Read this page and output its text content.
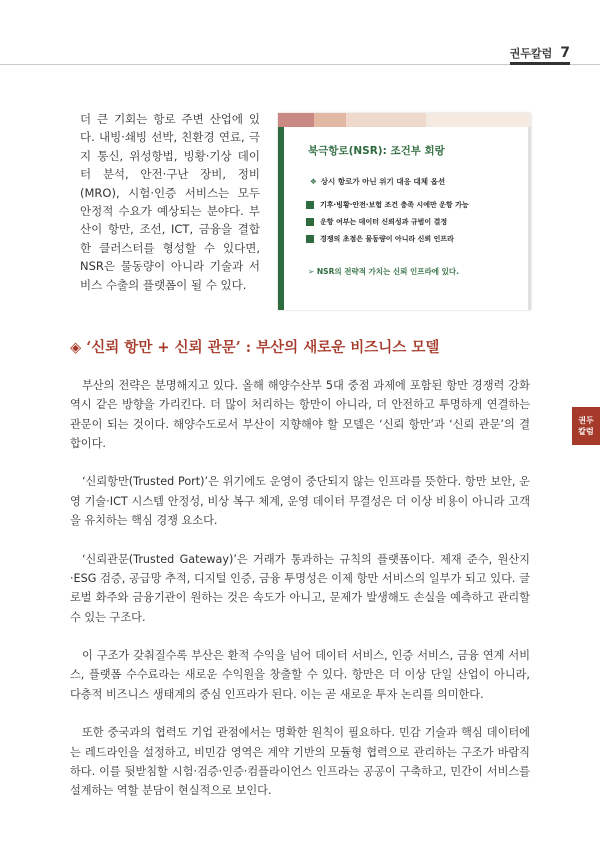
권두칼럼 7

더 큰 기회는 항로 주변 산업에 있다. 내빙·쇄빙 선박, 친환경 연료, 극지 통신, 위성항법, 빙황·기상 데이터 분석, 안전·구난 장비, 정비(MRO), 시험·인증 서비스는 모두 안정적 수요가 예상되는 분야다. 부산이 항만, 조선, ICT, 금융을 결합한 클러스터를 형성할 수 있다면, NSR은 물동량이 아니라 기술과 서비스 수출의 플랫폼이 될 수 있다.

북극항로(NSR): 조건부 회랑
❖ 상시 항로가 아닌 위기 대응 대체 옵션
기후·빙황·안전·보험 조건 충족 시에만 운항 가능
운항 여부는 데이터 신뢰성과 규범이 결정
경쟁의 초점은 물동량이 아니라 신뢰 인프라
➢ NSR의 전략적 가치는 신뢰 인프라에 있다.
◈ ‘신뢰 항만 + 신뢰 관문’ : 부산의 새로운 비즈니스 모델

부산의 전략은 분명해지고 있다. 올해 해양수산부 5대 중점 과제에 포함된 항만 경쟁력 강화 역시 같은 방향을 가리킨다. 더 많이 처리하는 항만이 아니라, 더 안전하고 투명하게 연결하는 관문이 되는 것이다. 해양수도로서 부산이 지향해야 할 모델은 ‘신뢰 항만’과 ‘신뢰 관문’의 결합이다.

‘신뢰항만(Trusted Port)’은 위기에도 운영이 중단되지 않는 인프라를 뜻한다. 항만 보안, 운영 기술·ICT 시스템 안정성, 비상 복구 체계, 운영 데이터 무결성은 더 이상 비용이 아니라 고객을 유치하는 핵심 경쟁 요소다.

‘신뢰관문(Trusted Gateway)’은 거래가 통과하는 규칙의 플랫폼이다. 제재 준수, 원산지·ESG 검증, 공급망 추적, 디지털 인증, 금융 투명성은 이제 항만 서비스의 일부가 되고 있다. 글로벌 화주와 금융기관이 원하는 것은 속도가 아니고, 문제가 발생해도 손실을 예측하고 관리할 수 있는 구조다.

이 구조가 갖춰질수록 부산은 환적 수익을 넘어 데이터 서비스, 인증 서비스, 금융 연계 서비스, 플랫폼 수수료라는 새로운 수익원을 창출할 수 있다. 항만은 더 이상 단일 산업이 아니라, 다층적 비즈니스 생태계의 중심 인프라가 된다. 이는 곧 새로운 투자 논리를 의미한다.

또한 중국과의 협력도 기업 관점에서는 명확한 원칙이 필요하다. 민감 기술과 핵심 데이터에는 레드라인을 설정하고, 비민감 영역은 계약 기반의 모듈형 협력으로 관리하는 구조가 바람직하다. 이를 뒷받침할 시험·검증·인증·컴플라이언스 인프라는 공공이 구축하고, 민간이 서비스를 설계하는 역할 분담이 현실적으로 보인다.

권두
칼럼
